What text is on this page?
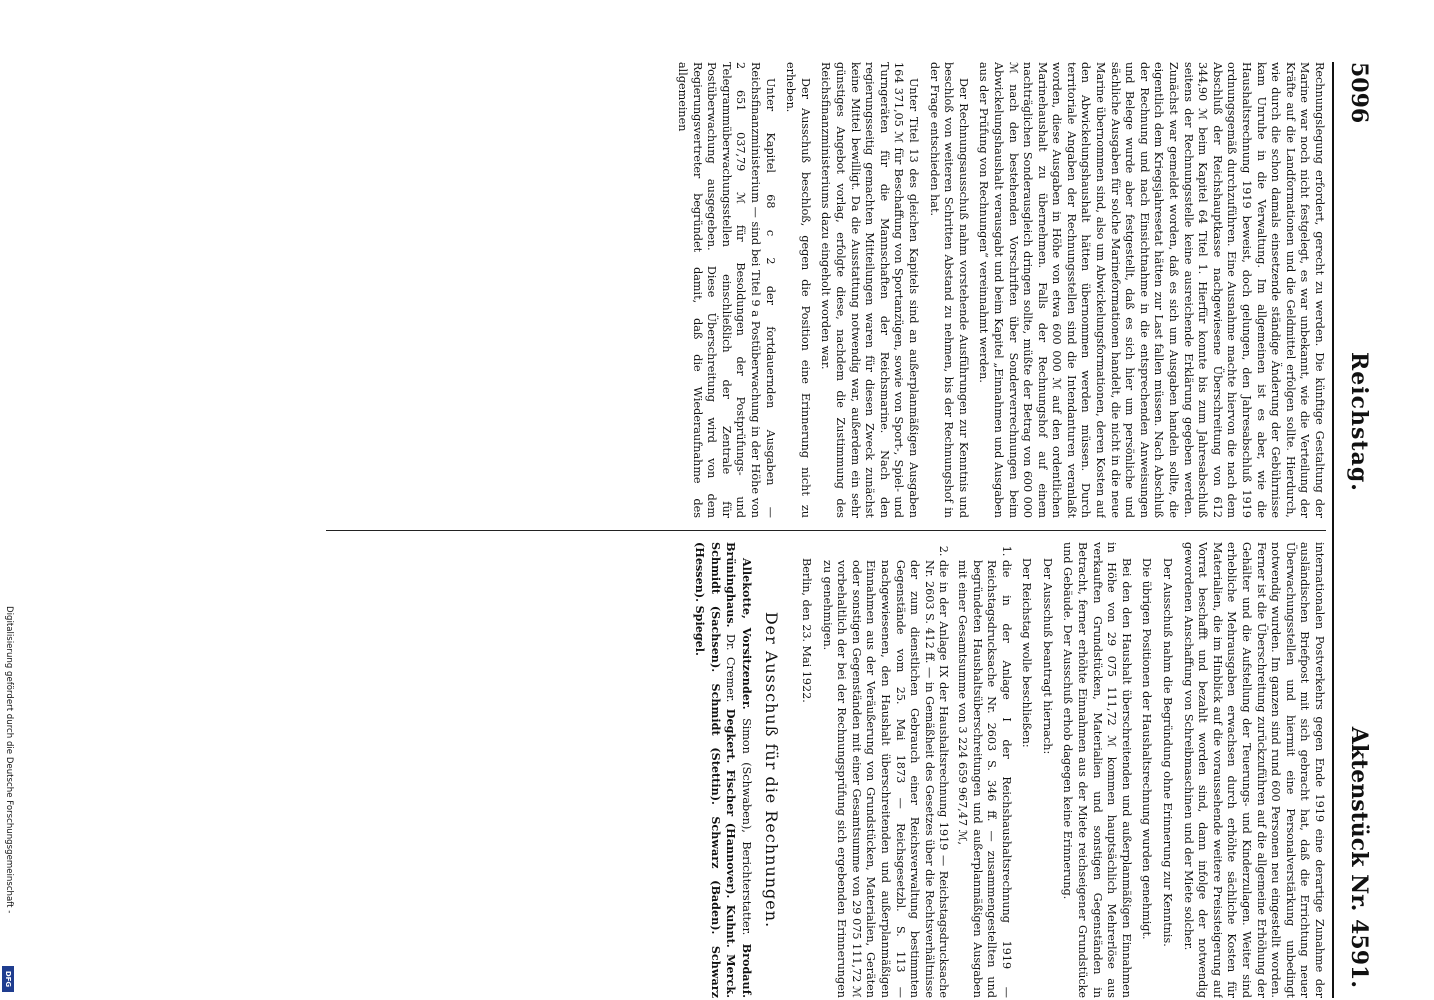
5096
Reichstag.
Aktenstück Nr. 4591.

Rechnungslegung erfordert, gerecht zu werden. Die künftige Gestaltung der Marine war noch nicht festgelegt, es war unbekannt, wie die Verteilung der Kräfte auf die Landformationen und die Geldmittel erfolgen sollte. Hierdurch, wie durch die schon damals einsetzende ständige Änderung der Gebührnisse kam Unruhe in die Verwaltung. Im allgemeinen ist es aber, wie die Haushaltsrechnung 1919 beweist, doch gelungen, den Jahresabschluß 1919 ordnungsgemäß durchzuführen. Eine Ausnahme machte hiervon die nach dem Abschluß der Reichshauptkasse nachgewiesene Überschreitung von 612 344,90 ℳ beim Kapitel 64 Titel 1. Hierfür konnte bis zum Jahresabschluß seitens der Rechnungsstelle keine ausreichende Erklärung gegeben werden. Zunächst war gemeldet worden, daß es sich um Ausgaben handeln sollte, die eigentlich dem Kriegsjahresetat hätten zur Last fallen müssen. Nach Abschluß der Rechnung und nach Einsichtnahme in die entsprechenden Anweisungen und Belege wurde aber festgestellt, daß es sich hier um persönliche und sächliche Ausgaben für solche Marineformationen handelt, die nicht in die neue Marine übernommen sind, also um Abwickelungsformationen, deren Kosten auf den Abwickelungshaushalt hätten übernommen werden müssen. Durch territoriale Angaben der Rechnungsstellen sind die Intendanturen veranlaßt worden, diese Ausgaben in Höhe von etwa 600 000 ℳ auf den ordentlichen Marinehaushalt zu übernehmen. Falls der Rechnungshof auf einem nachträglichen Sonderausgleich dringen sollte, müßte der Betrag von 600 000 ℳ nach den bestehenden Vorschriften über Sonderverrechnungen beim Abwickelungshaushalt verausgabt und beim Kapitel „Einnahmen und Ausgaben aus der Prüfung von Rechnungen“ vereinnahmt werden.

Der Rechnungsausschuß nahm vorstehende Ausführungen zur Kenntnis und beschloß von weiteren Schritten Abstand zu nehmen, bis der Rechnungshof in der Frage entschieden hat.

Unter Titel 13 des gleichen Kapitels sind an außerplanmäßigen Ausgaben 164 371,05 ℳ für Beschaffung von Sportanzügen, sowie von Sport-, Spiel- und Turngeräten für die Mannschaften der Reichsmarine. Nach den regierungsseitig gemachten Mitteilungen waren für diesen Zweck zunächst keine Mittel bewilligt. Da die Ausstattung notwendig war, außerdem ein sehr günstiges Angebot vorlag, erfolgte diese, nachdem die Zustimmung des Reichsfinanzministeriums dazu eingeholt worden war.

Der Ausschuß beschloß, gegen die Position eine Erinnerung nicht zu erheben.

Unter Kapitel 68 c 2 der fortdauernden Ausgaben — Reichsfinanzministerium — sind bei Titel 9 a Postüberwachung in der Höhe von 2 651 037,79 ℳ für Besoldungen der Postprüfungs- und Telegrammüberwachungsstellen einschließlich der Zentrale für Postüberwachung ausgegeben. Diese Überschreitung wird von dem Regierungsvertreter begründet damit, daß die Wiederaufnahme des allgemeinen

internationalen Postverkehrs gegen Ende 1919 eine derartige Zunahme der ausländischen Briefpost mit sich gebracht hat, daß die Errichtung neuer Überwachungsstellen und hiermit eine Personalverstärkung unbedingt notwendig wurden. Im ganzen sind rund 600 Personen neu eingestellt worden. Ferner ist die Überschreitung zurückzuführen auf die allgemeine Erhöhung der Gehälter und die Aufstellung der Teuerungs- und Kinderzulagen. Weiter sind erhebliche Mehrausgaben erwachsen durch erhöhte sächliche Kosten für Materialien, die im Hinblick auf die voraussehende weitere Preissteigerung auf Vorrat beschafft und bezahlt worden sind, dann infolge der notwendig gewordenen Anschaffung von Schreibmaschinen und der Miete solcher.

Der Ausschuß nahm die Begründung ohne Erinnerung zur Kenntnis.

Die übrigen Positionen der Haushaltsrechnung wurden genehmigt.

Bei den den Haushalt überschreitenden und außerplanmäßigen Einnahmen in Höhe von 29 075 111,72 ℳ kommen hauptsächlich Mehrerlöse aus verkauften Grundstücken, Materialien und sonstigen Gegenständen in Betracht, ferner erhöhte Einnahmen aus der Miete reichseigener Grundstücke und Gebäude. Der Ausschuß erhob dagegen keine Erinnerung.

Der Ausschuß beantragt hiernach:

Der Reichstag wolle beschließen:

1. die in der Anlage I der Reichshaushaltsrechnung 1919 — Reichstagsdrucksache Nr. 2603 S. 346 ff. — zusammengestellten und begründeten Haushaltsüberschreitungen und außerplanmäßigen Ausgaben mit einer Gesamtsumme von 3 224 659 967,47 ℳ,
2. die in der Anlage IX der Haushaltsrechnung 1919 — Reichstagsdrucksache Nr. 2603 S. 412 ff. — in Gemäßheit des Gesetzes über die Rechtsverhältnisse der zum dienstlichen Gebrauch einer Reichsverwaltung bestimmten Gegenstände vom 25. Mai 1873 — Reichsgesetzbl. S. 113 — nachgewiesenen, den Haushalt überschreitenden und außerplanmäßigen Einnahmen aus der Veräußerung von Grundstücken, Materialien, Geräten oder sonstigen Gegenständen mit einer Gesamtsumme von 29 075 111,72 ℳ vorbehaltlich der bei der Rechnungsprüfung sich ergebenden Erinnerungen zu genehmigen.

Berlin, den 23. Mai 1922.

Der Ausschuß für die Rechnungen.

Allekotte, Vorsitzender. Simon (Schwaben), Berichterstatter. Brodauf. Brüninghaus. Dr. Cremer. Degkert. Fischer (Hannover). Kuhnt. Merck. Schmidt (Sachsen). Schmidt (Stettin). Schwarz (Baden). Schwarz (Hessen). Spiegel.

Digitalisierung gefördert durch die Deutsche Forschungsgemeinschaft -
DFG
